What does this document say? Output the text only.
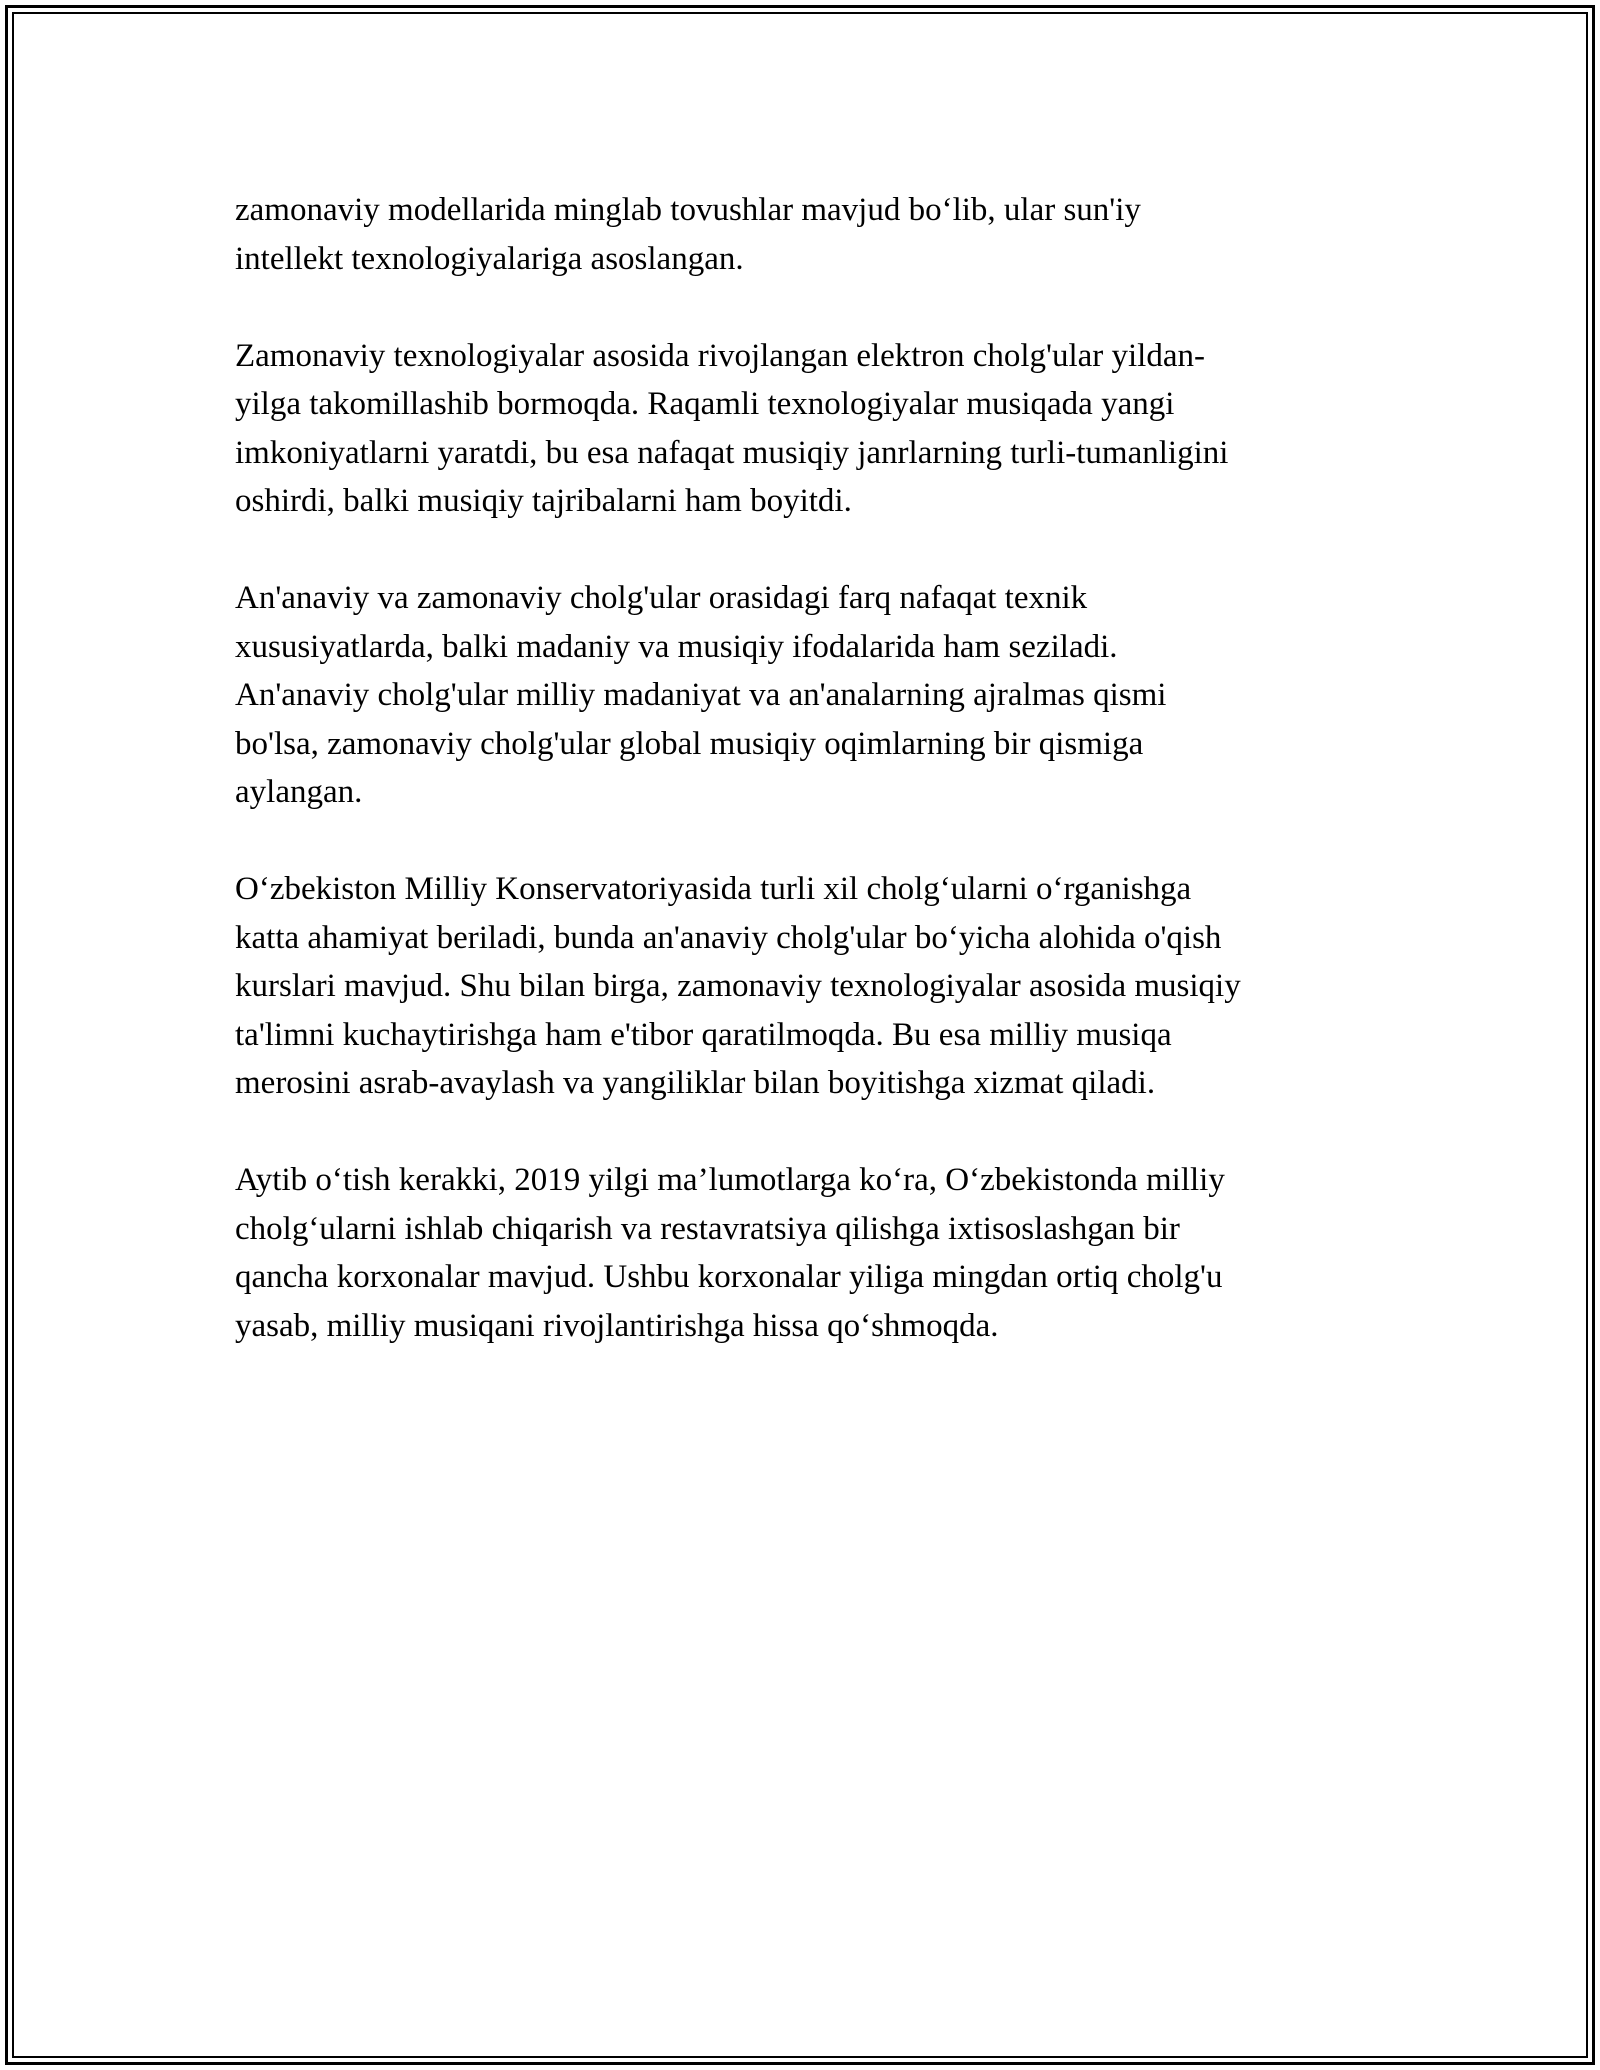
zamonaviy modellarida minglab tovushlar mavjud bo‘lib, ular sun'iy
intellekt texnologiyalariga asoslangan.

Zamonaviy texnologiyalar asosida rivojlangan elektron cholg'ular yildan-
yilga takomillashib bormoqda. Raqamli texnologiyalar musiqada yangi
imkoniyatlarni yaratdi, bu esa nafaqat musiqiy janrlarning turli-tumanligini
oshirdi, balki musiqiy tajribalarni ham boyitdi.

An'anaviy va zamonaviy cholg'ular orasidagi farq nafaqat texnik
xususiyatlarda, balki madaniy va musiqiy ifodalarida ham seziladi.
An'anaviy cholg'ular milliy madaniyat va an'analarning ajralmas qismi
bo'lsa, zamonaviy cholg'ular global musiqiy oqimlarning bir qismiga
aylangan.

O‘zbekiston Milliy Konservatoriyasida turli xil cholg‘ularni o‘rganishga
katta ahamiyat beriladi, bunda an'anaviy cholg'ular bo‘yicha alohida o'qish
kurslari mavjud. Shu bilan birga, zamonaviy texnologiyalar asosida musiqiy
ta'limni kuchaytirishga ham e'tibor qaratilmoqda. Bu esa milliy musiqa
merosini asrab-avaylash va yangiliklar bilan boyitishga xizmat qiladi.

Aytib o‘tish kerakki, 2019 yilgi ma’lumotlarga ko‘ra, O‘zbekistonda milliy
cholg‘ularni ishlab chiqarish va restavratsiya qilishga ixtisoslashgan bir
qancha korxonalar mavjud. Ushbu korxonalar yiliga mingdan ortiq cholg'u
yasab, milliy musiqani rivojlantirishga hissa qo‘shmoqda.
